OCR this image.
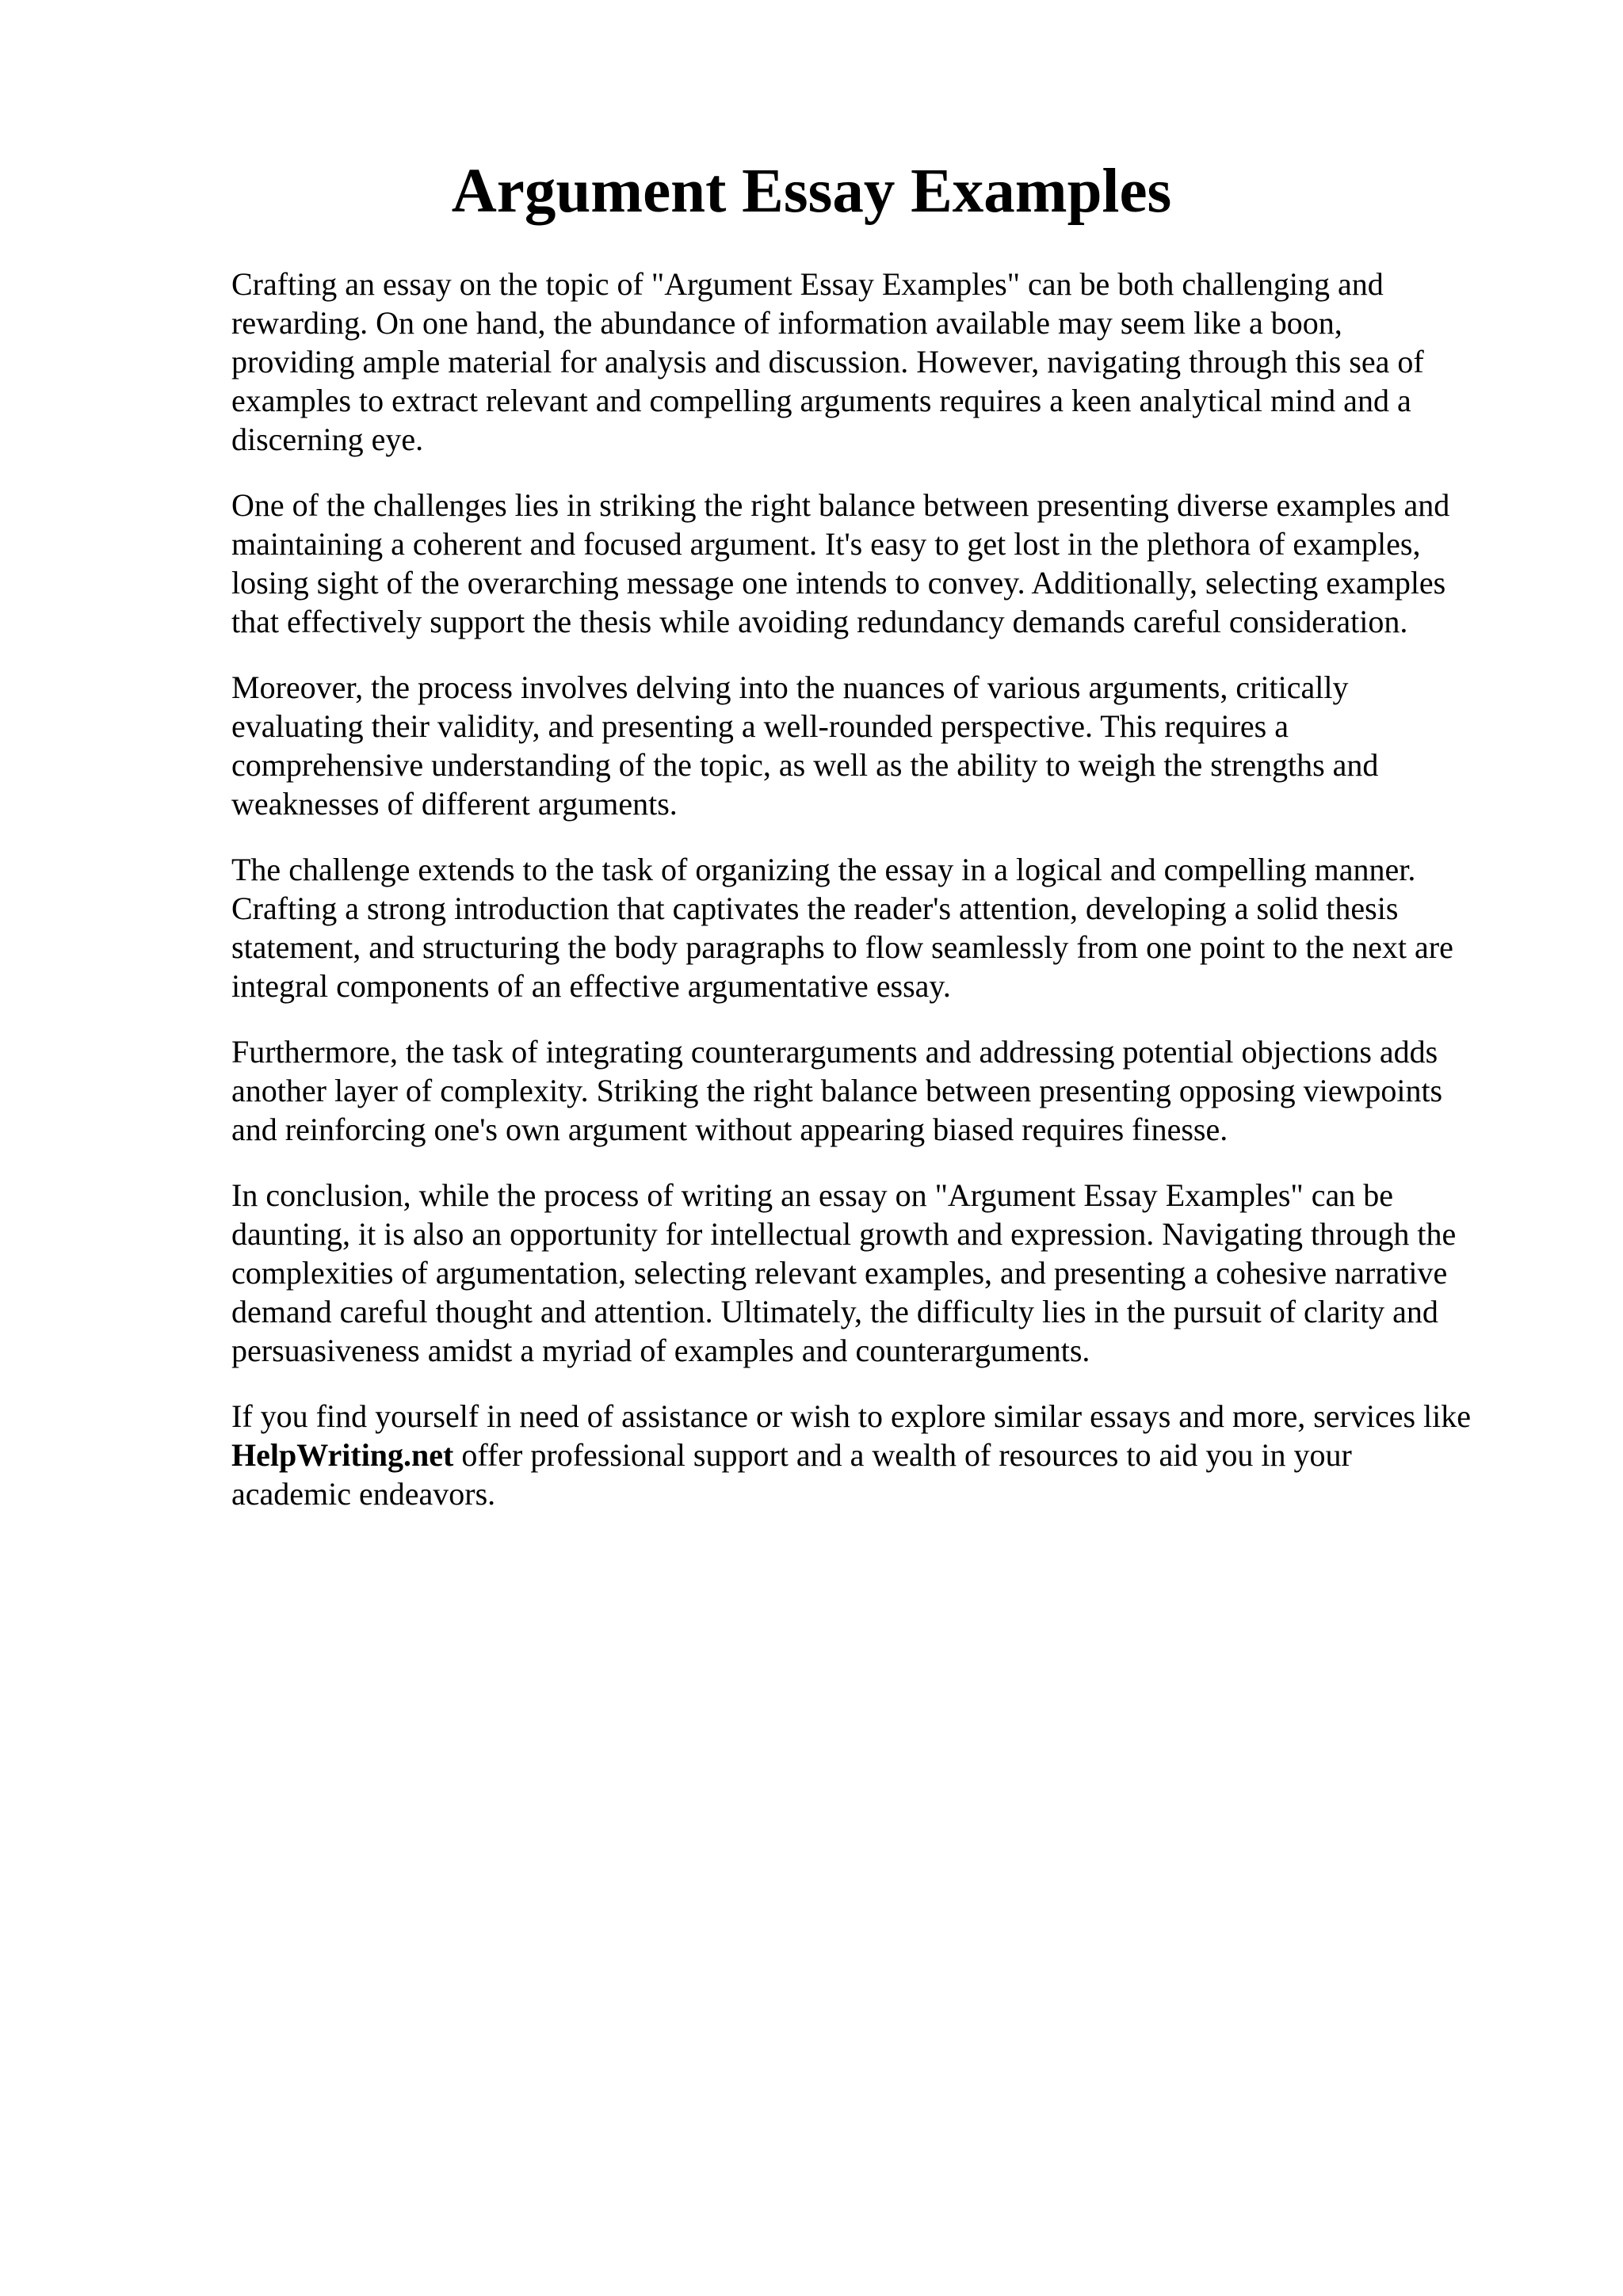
Argument Essay Examples

Crafting an essay on the topic of "Argument Essay Examples" can be both challenging and
rewarding. On one hand, the abundance of information available may seem like a boon,
providing ample material for analysis and discussion. However, navigating through this sea of
examples to extract relevant and compelling arguments requires a keen analytical mind and a
discerning eye.

One of the challenges lies in striking the right balance between presenting diverse examples and
maintaining a coherent and focused argument. It's easy to get lost in the plethora of examples,
losing sight of the overarching message one intends to convey. Additionally, selecting examples
that effectively support the thesis while avoiding redundancy demands careful consideration.

Moreover, the process involves delving into the nuances of various arguments, critically
evaluating their validity, and presenting a well-rounded perspective. This requires a
comprehensive understanding of the topic, as well as the ability to weigh the strengths and
weaknesses of different arguments.

The challenge extends to the task of organizing the essay in a logical and compelling manner.
Crafting a strong introduction that captivates the reader's attention, developing a solid thesis
statement, and structuring the body paragraphs to flow seamlessly from one point to the next are
integral components of an effective argumentative essay.

Furthermore, the task of integrating counterarguments and addressing potential objections adds
another layer of complexity. Striking the right balance between presenting opposing viewpoints
and reinforcing one's own argument without appearing biased requires finesse.

In conclusion, while the process of writing an essay on "Argument Essay Examples" can be
daunting, it is also an opportunity for intellectual growth and expression. Navigating through the
complexities of argumentation, selecting relevant examples, and presenting a cohesive narrative
demand careful thought and attention. Ultimately, the difficulty lies in the pursuit of clarity and
persuasiveness amidst a myriad of examples and counterarguments.

If you find yourself in need of assistance or wish to explore similar essays and more, services like
HelpWriting.net offer professional support and a wealth of resources to aid you in your
academic endeavors.
